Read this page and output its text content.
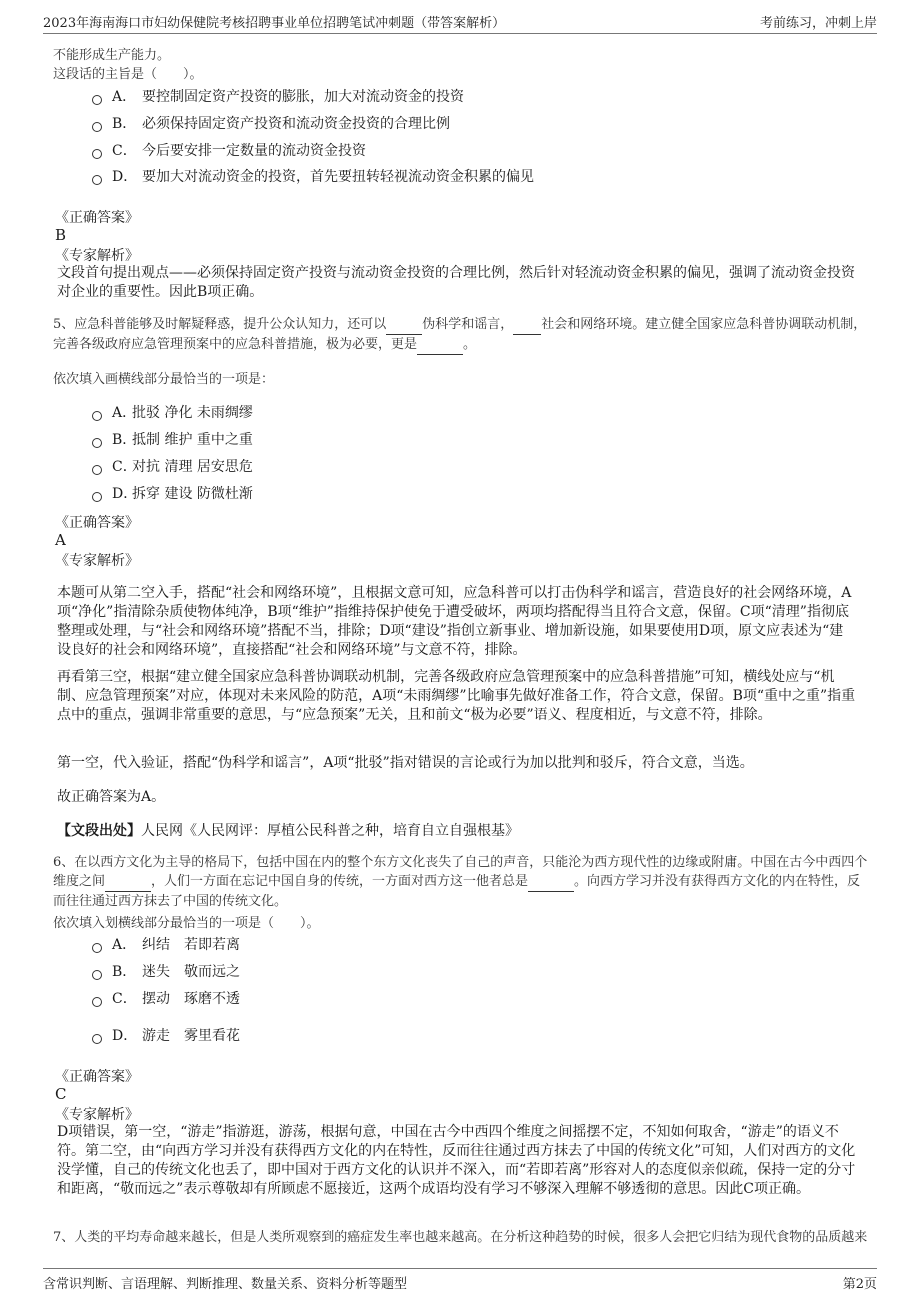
2023年海南海口市妇幼保健院考核招聘事业单位招聘笔试冲刺题（带答案解析）	考前练习，冲刺上岸
不能形成生产能力。
这段话的主旨是（　　）。
A． 要控制固定资产投资的膨胀，加大对流动资金的投资
B． 必须保持固定资产投资和流动资金投资的合理比例
C． 今后要安排一定数量的流动资金投资
D． 要加大对流动资金的投资，首先要扭转轻视流动资金积累的偏见
《正确答案》
B
《专家解析》
文段首句提出观点——必须保持固定资产投资与流动资金投资的合理比例，然后针对轻流动资金积累的偏见，强调了流动资金投资对企业的重要性。因此B项正确。
5、应急科普能够及时解疑释惑，提升公众认知力，还可以	伪科学和谣言， 社会和网络环境。建立健全国家应急科普协调联动机制，
完善各级政府应急管理预案中的应急科普措施，极为必要，更是	。
依次填入画横线部分最恰当的一项是：
A．
批驳 净化 未雨绸缪
B．
抵制 维护 重中之重
C．
对抗 清理 居安思危
D．
拆穿 建设 防微杜渐
《正确答案》
A
《专家解析》
本题可从第二空入手，搭配“社会和网络环境”，且根据文意可知，应急科普可以打击伪科学和谣言，营造良好的社会网络环境，A项“净化”指清除杂质使物体纯净，B项“维护”指维持保护使免于遭受破坏，两项均搭配得当且符合文意，保留。C项“清理”指彻底整理或处理，与“社会和网络环境”搭配不当，排除；D项“建设”指创立新事业、增加新设施，如果要使用D项，原文应表述为“建设良好的社会和网络环境”，直接搭配“社会和网络环境”与文意不符，排除。
再看第三空，根据“建立健全国家应急科普协调联动机制，完善各级政府应急管理预案中的应急科普措施”可知，横线处应与“机制、应急管理预案”对应，体现对未来风险的防范，A项“未雨绸缪”比喻事先做好准备工作，符合文意，保留。B项“重中之重”指重点中的重点，强调非常重要的意思，与“应急预案”无关，且和前文“极为必要”语义、程度相近，与文意不符，排除。
第一空，代入验证，搭配“伪科学和谣言”，A项“批驳”指对错误的言论或行为加以批判和驳斥，符合文意，当选。
故正确答案为A。
【文段出处】人民网《人民网评：厚植公民科普之种，培育自立自强根基》
6、在以西方文化为主导的格局下，包括中国在内的整个东方文化丧失了自己的声音，只能沦为西方现代性的边缘或附庸。中国在古今中西四个维度之间	，人们一方面在忘记中国自身的传统，一方面对西方这一他者总是	。向西方学习并没有获得西方文化的内在特性，反而往往通过西方抹去了中国的传统文化。
依次填入划横线部分最恰当的一项是（　　）。
A． 纠结　若即若离
B． 迷失　敬而远之
C． 摆动　琢磨不透
D． 游走　雾里看花
《正确答案》
C
《专家解析》
D项错误，第一空，“游走”指游逛，游荡，根据句意，中国在古今中西四个维度之间摇摆不定，不知如何取舍，“游走”的语义不符。第二空，由“向西方学习并没有获得西方文化的内在特性，反而往往通过西方抹去了中国的传统文化”可知，人们对西方的文化没学懂，自己的传统文化也丢了，即中国对于西方文化的认识并不深入，而“若即若离”形容对人的态度似亲似疏，保持一定的分寸和距离，“敬而远之”表示尊敬却有所顾虑不愿接近，这两个成语均没有学习不够深入理解不够透彻的意思。因此C项正确。
7、人类的平均寿命越来越长，但是人类所观察到的癌症发生率也越来越高。在分析这种趋势的时候，很多人会把它归结为现代食物的品质越来
含常识判断、言语理解、判断推理、数量关系、资料分析等题型	第2页
